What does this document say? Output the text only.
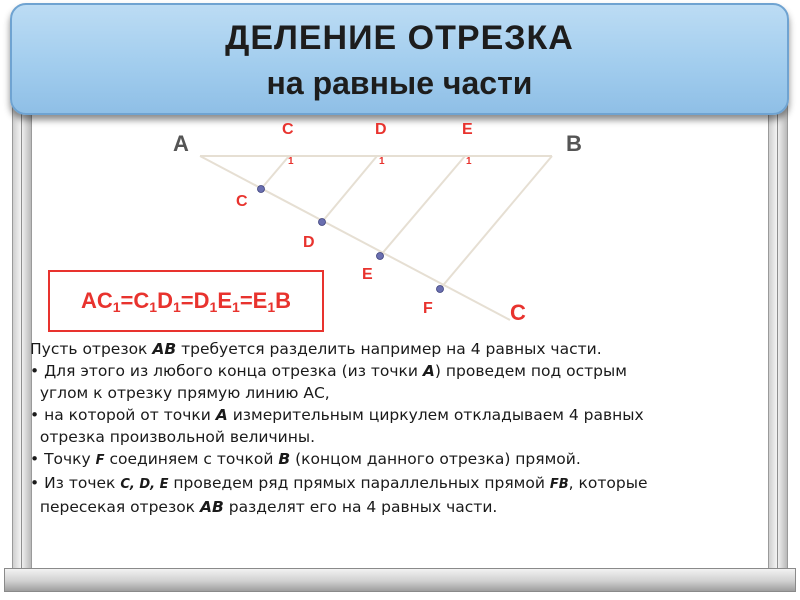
ДЕЛЕНИЕ ОТРЕЗКА
на равные части
A	B
C
1
D
1
E
1
C
D
E
F	C
$AC_1=C_1D_1=D_1E_1=E_1B$

Пусть отрезок AB требуется разделить например на 4 равных части.

• Для этого из любого конца отрезка (из точки А) проведем под острым

углом к отрезку прямую линию АС,

• на которой от точки А измерительным циркулем откладываем 4 равных

отрезка произвольной величины.

• Точку F соединяем с точкой В (концом данного отрезка) прямой.

• Из точек C, D, E проведем ряд прямых параллельных прямой FB, которые

пересекая отрезок AB разделят его на 4 равных части.
